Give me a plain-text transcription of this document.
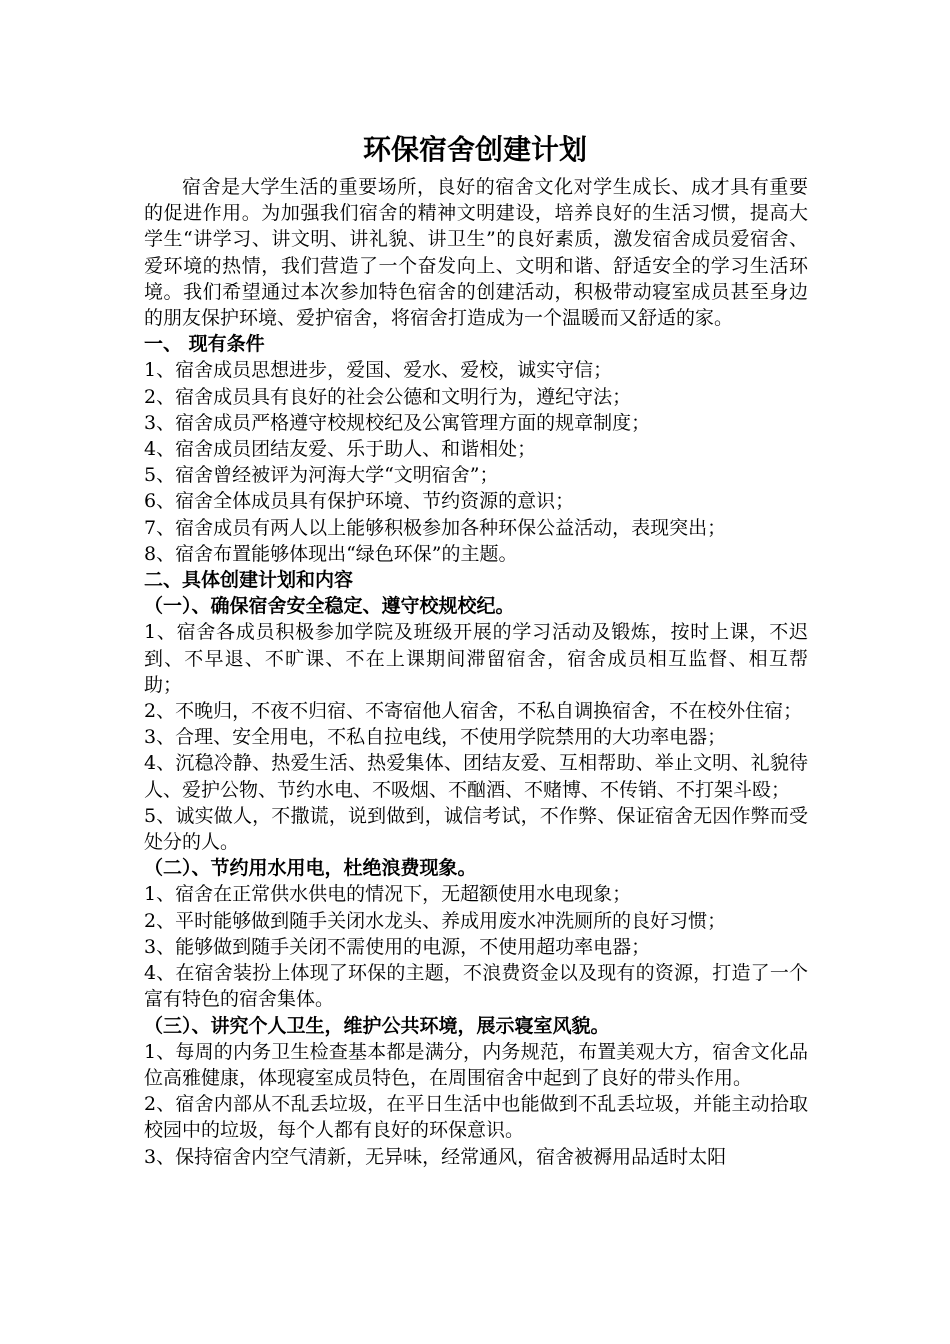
环保宿舍创建计划

宿舍是大学生活的重要场所，良好的宿舍文化对学生成长、成才具有重要的促进作用。为加强我们宿舍的精神文明建设，培养良好的生活习惯，提高大学生“讲学习、讲文明、讲礼貌、讲卫生”的良好素质，激发宿舍成员爱宿舍、爱环境的热情，我们营造了一个奋发向上、文明和谐、舒适安全的学习生活环境。我们希望通过本次参加特色宿舍的创建活动，积极带动寝室成员甚至身边的朋友保护环境、爱护宿舍，将宿舍打造成为一个温暖而又舒适的家。

一、 现有条件

1、宿舍成员思想进步，爱国、爱水、爱校，诚实守信；

2、宿舍成员具有良好的社会公德和文明行为，遵纪守法；

3、宿舍成员严格遵守校规校纪及公寓管理方面的规章制度；

4、宿舍成员团结友爱、乐于助人、和谐相处；

5、宿舍曾经被评为河海大学“文明宿舍”；

6、宿舍全体成员具有保护环境、节约资源的意识；

7、宿舍成员有两人以上能够积极参加各种环保公益活动，表现突出；

8、宿舍布置能够体现出“绿色环保”的主题。

二、具体创建计划和内容

（一）、确保宿舍安全稳定、遵守校规校纪。

1、宿舍各成员积极参加学院及班级开展的学习活动及锻炼，按时上课，不迟到、不早退、不旷课、不在上课期间滞留宿舍，宿舍成员相互监督、相互帮助；

2、不晚归，不夜不归宿、不寄宿他人宿舍，不私自调换宿舍，不在校外住宿；

3、合理、安全用电，不私自拉电线，不使用学院禁用的大功率电器；

4、沉稳冷静、热爱生活、热爱集体、团结友爱、互相帮助、举止文明、礼貌待人、爱护公物、节约水电、不吸烟、不酗酒、不赌博、不传销、不打架斗殴；

5、诚实做人，不撒谎，说到做到，诚信考试，不作弊、保证宿舍无因作弊而受处分的人。

（二）、节约用水用电，杜绝浪费现象。

1、宿舍在正常供水供电的情况下，无超额使用水电现象；

2、平时能够做到随手关闭水龙头、养成用废水冲洗厕所的良好习惯；

3、能够做到随手关闭不需使用的电源，不使用超功率电器；

4、在宿舍装扮上体现了环保的主题，不浪费资金以及现有的资源，打造了一个富有特色的宿舍集体。

（三）、讲究个人卫生，维护公共环境，展示寝室风貌。

1、每周的内务卫生检查基本都是满分，内务规范，布置美观大方，宿舍文化品位高雅健康，体现寝室成员特色，在周围宿舍中起到了良好的带头作用。

2、宿舍内部从不乱丢垃圾，在平日生活中也能做到不乱丢垃圾，并能主动拾取校园中的垃圾，每个人都有良好的环保意识。

3、保持宿舍内空气清新，无异味，经常通风，宿舍被褥用品适时太阳
